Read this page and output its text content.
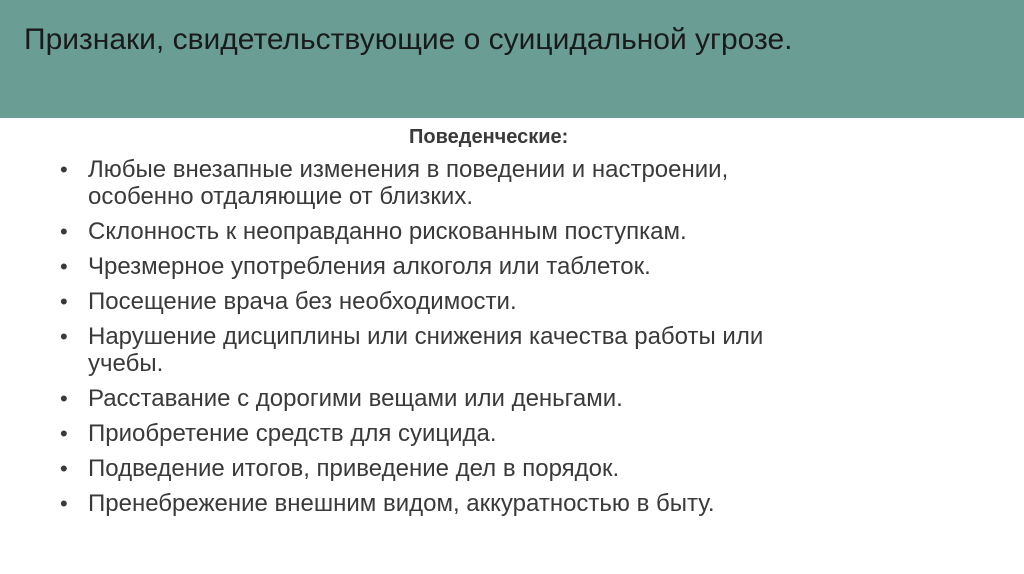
Признаки, свидетельствующие о суицидальной угрозе.
Поведенческие:
• Любые внезапные изменения в поведении и настроении,
особенно отдаляющие от близких.
• Склонность к неоправданно рискованным поступкам.
• Чрезмерное употребления алкоголя или таблеток.
• Посещение врача без необходимости.
• Нарушение дисциплины или снижения качества работы или
учебы.
• Расставание с дорогими вещами или деньгами.
• Приобретение средств для суицида.
• Подведение итогов, приведение дел в порядок.
• Пренебрежение внешним видом, аккуратностью в быту.
